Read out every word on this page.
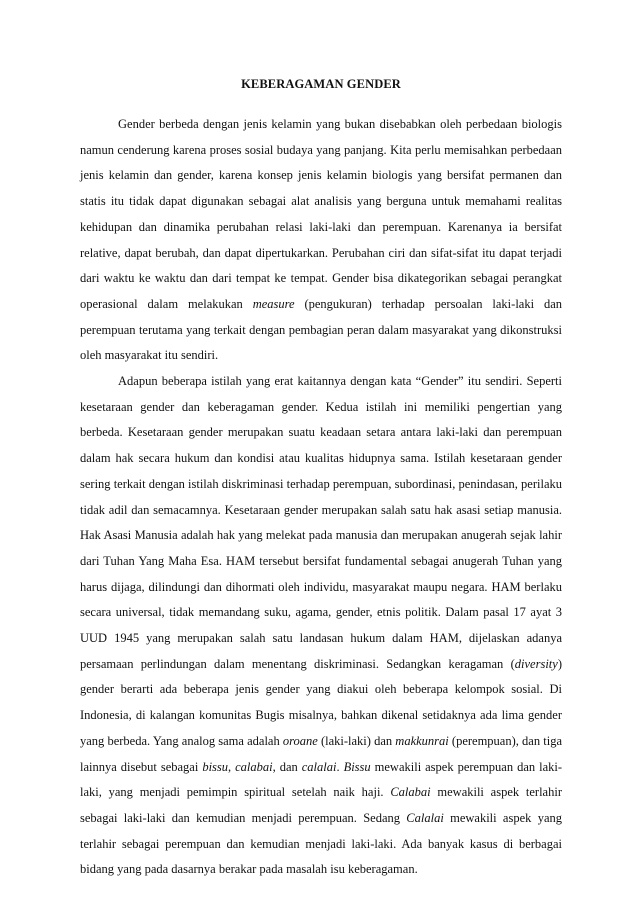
KEBERAGAMAN GENDER

Gender berbeda dengan jenis kelamin yang bukan disebabkan oleh perbedaan biologis namun cenderung karena proses sosial budaya yang panjang. Kita perlu memisahkan perbedaan jenis kelamin dan gender, karena konsep jenis kelamin biologis yang bersifat permanen dan statis itu tidak dapat digunakan sebagai alat analisis yang berguna untuk memahami realitas kehidupan dan dinamika perubahan relasi laki-laki dan perempuan. Karenanya ia bersifat relative, dapat berubah, dan dapat dipertukarkan. Perubahan ciri dan sifat-sifat itu dapat terjadi dari waktu ke waktu dan dari tempat ke tempat. Gender bisa dikategorikan sebagai perangkat operasional dalam melakukan measure (pengukuran) terhadap persoalan laki-laki dan perempuan terutama yang terkait dengan pembagian peran dalam masyarakat yang dikonstruksi oleh masyarakat itu sendiri.

Adapun beberapa istilah yang erat kaitannya dengan kata “Gender” itu sendiri. Seperti kesetaraan gender dan keberagaman gender. Kedua istilah ini memiliki pengertian yang berbeda. Kesetaraan gender merupakan suatu keadaan setara antara laki-laki dan perempuan dalam hak secara hukum dan kondisi atau kualitas hidupnya sama. Istilah kesetaraan gender sering terkait dengan istilah diskriminasi terhadap perempuan, subordinasi, penindasan, perilaku tidak adil dan semacamnya. Kesetaraan gender merupakan salah satu hak asasi setiap manusia. Hak Asasi Manusia adalah hak yang melekat pada manusia dan merupakan anugerah sejak lahir dari Tuhan Yang Maha Esa. HAM tersebut bersifat fundamental sebagai anugerah Tuhan yang harus dijaga, dilindungi dan dihormati oleh individu, masyarakat maupu negara. HAM berlaku secara universal, tidak memandang suku, agama, gender, etnis politik. Dalam pasal 17 ayat 3 UUD 1945 yang merupakan salah satu landasan hukum dalam HAM, dijelaskan adanya persamaan perlindungan dalam menentang diskriminasi. Sedangkan keragaman (diversity) gender berarti ada beberapa jenis gender yang diakui oleh beberapa kelompok sosial. Di Indonesia, di kalangan komunitas Bugis misalnya, bahkan dikenal setidaknya ada lima gender yang berbeda. Yang analog sama adalah oroane (laki-laki) dan makkunrai (perempuan), dan tiga lainnya disebut sebagai bissu, calabai, dan calalai. Bissu mewakili aspek perempuan dan laki-laki, yang menjadi pemimpin spiritual setelah naik haji. Calabai mewakili aspek terlahir sebagai laki-laki dan kemudian menjadi perempuan. Sedang Calalai mewakili aspek yang terlahir sebagai perempuan dan kemudian menjadi laki-laki. Ada banyak kasus di berbagai bidang yang pada dasarnya berakar pada masalah isu keberagaman.
